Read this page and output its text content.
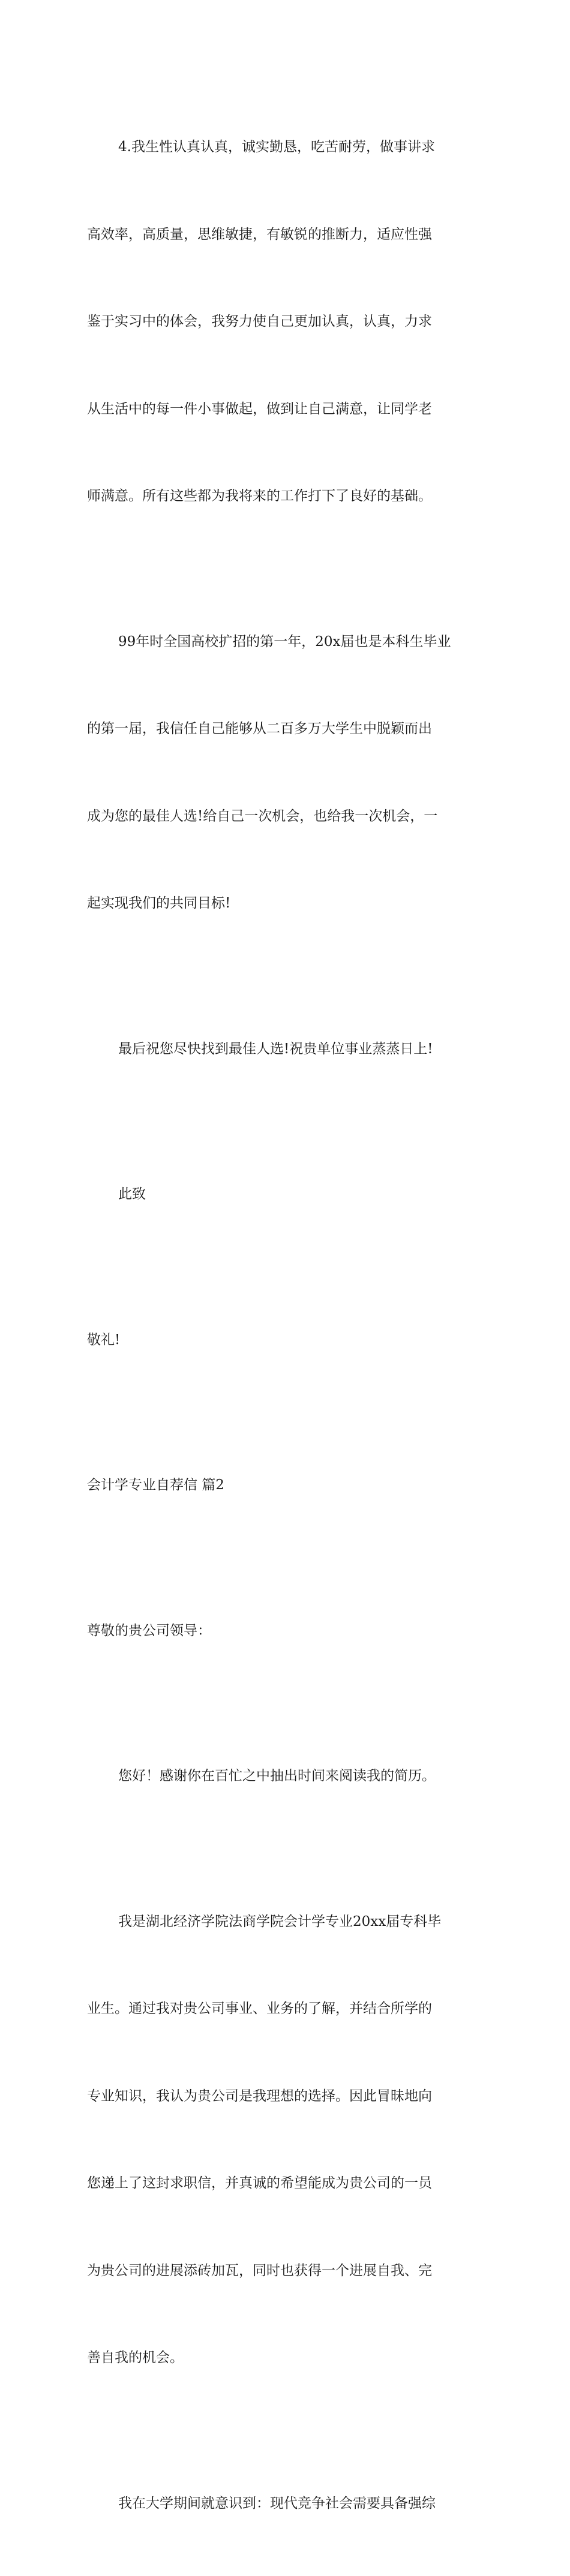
4.我生性认真认真，诚实勤恳，吃苦耐劳，做事讲求

高效率，高质量，思维敏捷，有敏锐的推断力，适应性强

鉴于实习中的体会，我努力使自己更加认真，认真，力求

从生活中的每一件小事做起，做到让自己满意，让同学老

师满意。所有这些都为我将来的工作打下了良好的基础。

99年时全国高校扩招的第一年，20x届也是本科生毕业

的第一届，我信任自己能够从二百多万大学生中脱颖而出

成为您的最佳人选!给自己一次机会，也给我一次机会，一

起实现我们的共同目标!

最后祝您尽快找到最佳人选!祝贵单位事业蒸蒸日上!

此致

敬礼!

会计学专业自荐信 篇2

尊敬的贵公司领导：

您好！感谢你在百忙之中抽出时间来阅读我的简历。

我是湖北经济学院法商学院会计学专业20xx届专科毕

业生。通过我对贵公司事业、业务的了解，并结合所学的

专业知识，我认为贵公司是我理想的选择。因此冒昧地向

您递上了这封求职信，并真诚的希望能成为贵公司的一员

为贵公司的进展添砖加瓦，同时也获得一个进展自我、完

善自我的机会。

我在大学期间就意识到：现代竞争社会需要具备强综
